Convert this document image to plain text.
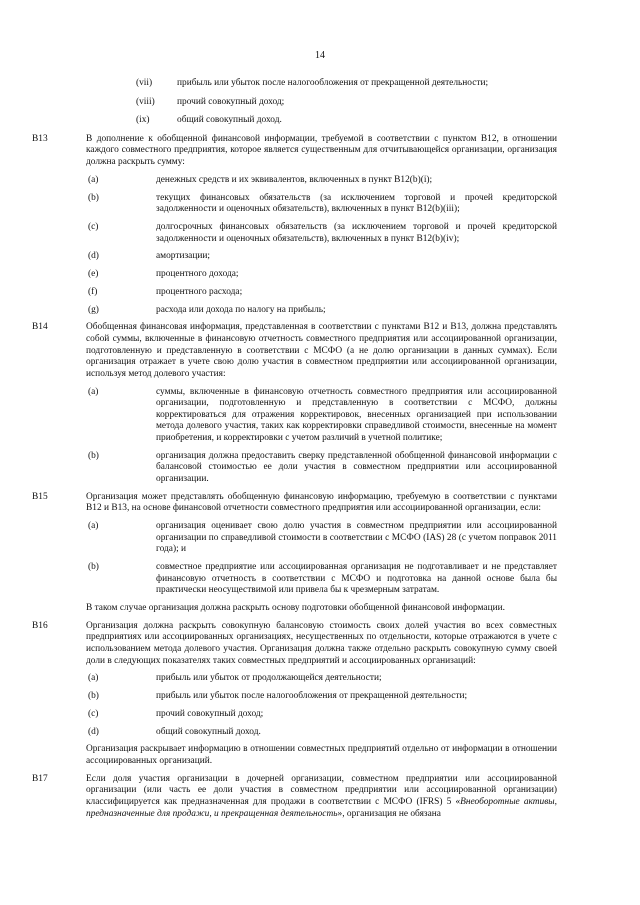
14
(vii)	прибыль или убыток после налогообложения от прекращенной деятельности;
(viii) прочий совокупный доход;
(ix)	общий совокупный доход.
B13	В дополнение к обобщенной финансовой информации, требуемой в соответствии с пунктом B12, в отношении каждого совместного предприятия, которое является существенным для отчитывающейся организации, организация должна раскрыть сумму:
(a)	денежных средств и их эквивалентов, включенных в пункт B12(b)(i);
(b)	текущих финансовых обязательств (за исключением торговой и прочей кредиторской задолженности и оценочных обязательств), включенных в пункт B12(b)(iii);
(c)	долгосрочных финансовых обязательств (за исключением торговой и прочей кредиторской задолженности и оценочных обязательств), включенных в пункт B12(b)(iv);
(d)	амортизации;
(e)	процентного дохода;
(f)	процентного расхода;
(g)	расхода или дохода по налогу на прибыль;
B14	Обобщенная финансовая информация, представленная в соответствии с пунктами B12 и B13, должна представлять собой суммы, включенные в финансовую отчетность совместного предприятия или ассоциированной организации, подготовленную и представленную в соответствии с МСФО (а не долю организации в данных суммах). Если организация отражает в учете свою долю участия в совместном предприятии или ассоциированной организации, используя метод долевого участия:
(a)	суммы, включенные в финансовую отчетность совместного предприятия или ассоциированной организации, подготовленную и представленную в соответствии с МСФО, должны корректироваться для отражения корректировок, внесенных организацией при использовании метода долевого участия, таких как корректировки справедливой стоимости, внесенные на момент приобретения, и корректировки с учетом различий в учетной политике;
(b)	организация должна предоставить сверку представленной обобщенной финансовой информации с балансовой стоимостью ее доли участия в совместном предприятии или ассоциированной организации.
B15	Организация может представлять обобщенную финансовую информацию, требуемую в соответствии с пунктами B12 и B13, на основе финансовой отчетности совместного предприятия или ассоциированной организации, если:
(a)	организация оценивает свою долю участия в совместном предприятии или ассоциированной организации по справедливой стоимости в соответствии с МСФО (IAS) 28 (с учетом поправок 2011 года); и
(b)	совместное предприятие или ассоциированная организация не подготавливает и не представляет финансовую отчетность в соответствии с МСФО и подготовка на данной основе была бы практически неосуществимой или привела бы к чрезмерным затратам.
В таком случае организация должна раскрыть основу подготовки обобщенной финансовой информации.
B16	Организация должна раскрыть совокупную балансовую стоимость своих долей участия во всех совместных предприятиях или ассоциированных организациях, несущественных по отдельности, которые отражаются в учете с использованием метода долевого участия. Организация должна также отдельно раскрыть совокупную сумму своей доли в следующих показателях таких совместных предприятий и ассоциированных организаций:
(a)	прибыль или убыток от продолжающейся деятельности;
(b)	прибыль или убыток после налогообложения от прекращенной деятельности;
(c)	прочий совокупный доход;
(d)	общий совокупный доход.
Организация раскрывает информацию в отношении совместных предприятий отдельно от информации в отношении ассоциированных организаций.
B17	Если доля участия организации в дочерней организации, совместном предприятии или ассоциированной организации (или часть ее доли участия в совместном предприятии или ассоциированной организации) классифицируется как предназначенная для продажи в соответствии с МСФО (IFRS) 5 «Внеоборотные активы, предназначенные для продажи, и прекращенная деятельность», организация не обязана
